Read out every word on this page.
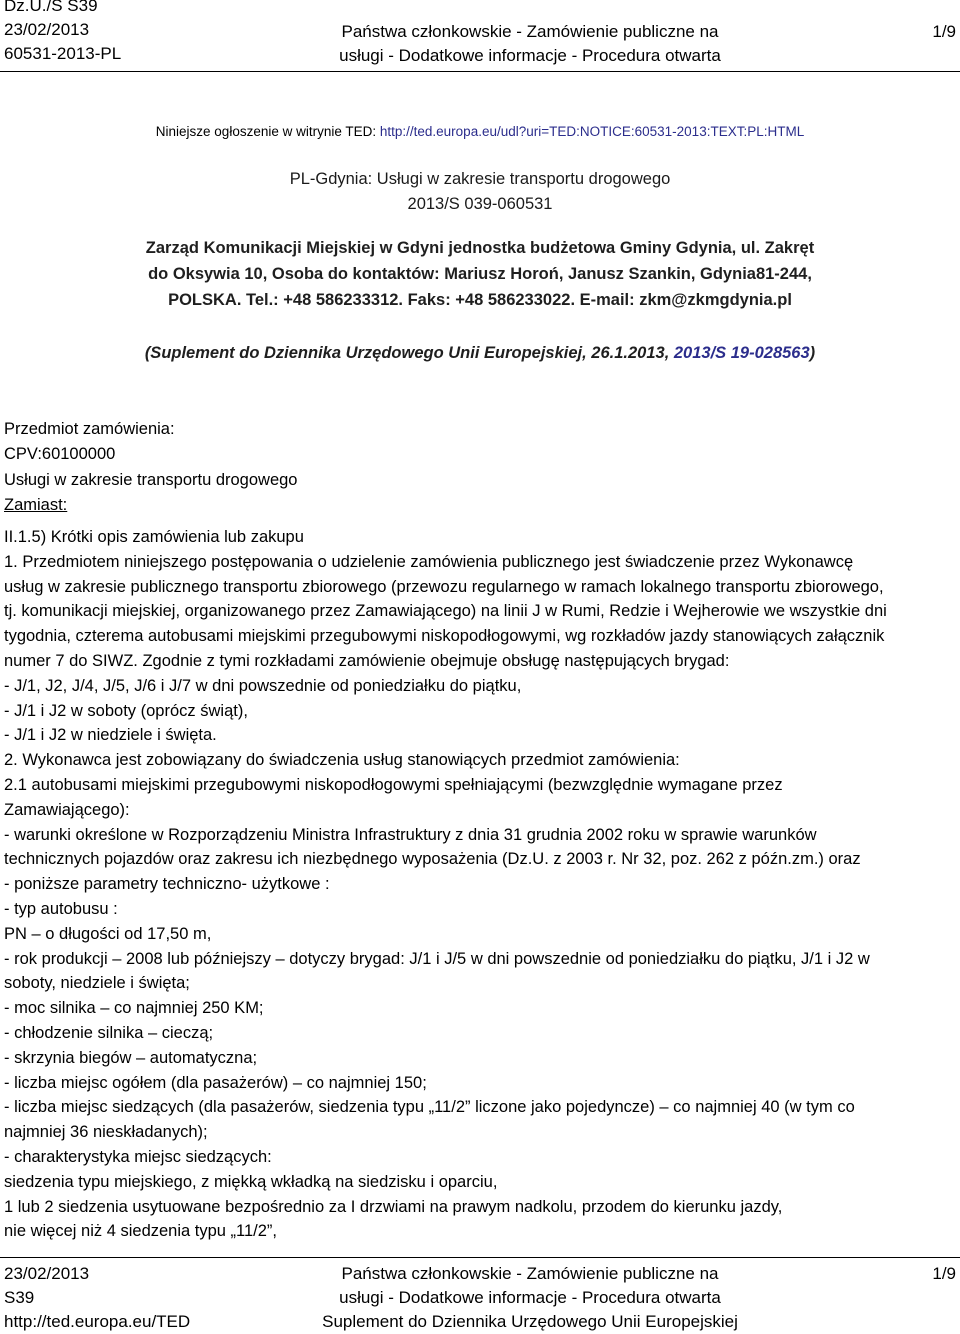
Dz.U./S S39
23/02/2013
60531-2013-PL
Państwa członkowskie - Zamówienie publiczne na
usługi - Dodatkowe informacje - Procedura otwarta
1/9
Niniejsze ogłoszenie w witrynie TED: http://ted.europa.eu/udl?uri=TED:NOTICE:60531-2013:TEXT:PL:HTML
PL-Gdynia: Usługi w zakresie transportu drogowego
2013/S 039-060531
Zarząd Komunikacji Miejskiej w Gdyni jednostka budżetowa Gminy Gdynia, ul. Zakręt
do Oksywia 10, Osoba do kontaktów: Mariusz Horoń, Janusz Szankin, Gdynia81-244,
POLSKA. Tel.: +48 586233312. Faks: +48 586233022. E-mail: zkm@zkmgdynia.pl
(Suplement do Dziennika Urzędowego Unii Europejskiej, 26.1.2013, 2013/S 19-028563)
Przedmiot zamówienia:
CPV:60100000
Usługi w zakresie transportu drogowego
Zamiast:
II.1.5) Krótki opis zamówienia lub zakupu
1. Przedmiotem niniejszego postępowania o udzielenie zamówienia publicznego jest świadczenie przez Wykonawcę
usług w zakresie publicznego transportu zbiorowego (przewozu regularnego w ramach lokalnego transportu zbiorowego,
tj. komunikacji miejskiej, organizowanego przez Zamawiającego) na linii J w Rumi, Redzie i Wejherowie we wszystkie dni
tygodnia, czterema autobusami miejskimi przegubowymi niskopodłogowymi, wg rozkładów jazdy stanowiących załącznik
numer 7 do SIWZ. Zgodnie z tymi rozkładami zamówienie obejmuje obsługę następujących brygad:
- J/1, J2, J/4, J/5, J/6 i J/7 w dni powszednie od poniedziałku do piątku,
- J/1 i J2 w soboty (oprócz świąt),
- J/1 i J2 w niedziele i święta.
2. Wykonawca jest zobowiązany do świadczenia usług stanowiących przedmiot zamówienia:
2.1 autobusami miejskimi przegubowymi niskopodłogowymi spełniającymi (bezwzględnie wymagane przez
Zamawiającego):
- warunki określone w Rozporządzeniu Ministra Infrastruktury z dnia 31 grudnia 2002 roku w sprawie warunków
technicznych pojazdów oraz zakresu ich niezbędnego wyposażenia (Dz.U. z 2003 r. Nr 32, poz. 262 z późn.zm.) oraz
- poniższe parametry techniczno- użytkowe :
- typ autobusu :
PN – o długości od 17,50 m,
- rok produkcji – 2008 lub późniejszy – dotyczy brygad: J/1 i J/5 w dni powszednie od poniedziałku do piątku, J/1 i J2 w
soboty, niedziele i święta;
- moc silnika – co najmniej 250 KM;
- chłodzenie silnika – cieczą;
- skrzynia biegów – automatyczna;
- liczba miejsc ogółem (dla pasażerów) – co najmniej 150;
- liczba miejsc siedzących (dla pasażerów, siedzenia typu „11/2” liczone jako pojedyncze) – co najmniej 40 (w tym co
najmniej 36 niesk​ładanych);
- charakterystyka miejsc siedzących:
siedzenia typu miejskiego, z miękką wkładką na siedzisku i oparciu,
1 lub 2 siedzenia usytuowane bezpośrednio za I drzwiami na prawym nadkolu, przodem do kierunku jazdy,
nie więcej niż 4 siedzenia typu „11/2”,
23/02/2013
S39
http://ted.europa.eu/TED
Państwa członkowskie - Zamówienie publiczne na
usługi - Dodatkowe informacje - Procedura otwarta
Suplement do Dziennika Urzędowego Unii Europejskiej
1/9
